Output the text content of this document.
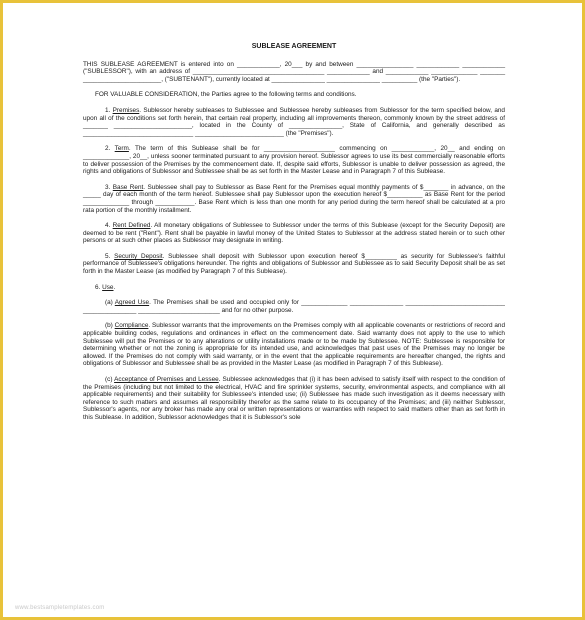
SUBLEASE AGREEMENT

THIS SUBLEASE AGREEMENT is entered into on ____________, 20___ by and between ________________ ____________ ____________ ("SUBLESSOR"), with an address of _____________________________________ ____________ and ____________ _____________ _______ ______________________, ("SUBTENANT"), currently located at _______________ _______________ __________ (the "Parties").

FOR VALUABLE CONSIDERATION, the Parties agree to the following terms and conditions.

1. Premises. Sublessor hereby subleases to Sublessee and Sublessee hereby subleases from Sublessor for the term specified below, and upon all of the conditions set forth herein, that certain real property, including all improvements thereon, commonly known by the street address of _______ ______________________, located in the County of _______________, State of California, and generally described as _______________________________ _________________________ (the "Premises").

2. Term. The term of this Sublease shall be for ____________________ commencing on ____________, 20__ and ending on _____________, 20__, unless sooner terminated pursuant to any provision hereof. Sublessor agrees to use its best commercially reasonable efforts to deliver possession of the Premises by the commencement date. If, despite said efforts, Sublessor is unable to deliver possession as agreed, the rights and obligations of Sublessor and Sublessee shall be as set forth in the Master Lease and in Paragraph 7 of this Sublease.

3. Base Rent. Sublessee shall pay to Sublessor as Base Rent for the Premises equal monthly payments of $_______ in advance, on the _____ day of each month of the term hereof. Sublessee shall pay Sublessor upon the execution hereof $__________ as Base Rent for the period _____________ through ___________. Base Rent which is less than one month for any period during the term hereof shall be calculated at a pro rata portion of the monthly installment.

4. Rent Defined. All monetary obligations of Sublessee to Sublessor under the terms of this Sublease (except for the Security Deposit) are deemed to be rent ("Rent"). Rent shall be payable in lawful money of the United States to Sublessor at the address stated herein or to such other persons or at such other places as Sublessor may designate in writing.

5. Security Deposit. Sublessee shall deposit with Sublessor upon execution hereof $_________ as security for Sublessee's faithful performance of Sublessee's obligations hereunder. The rights and obligations of Sublessor and Sublessee as to said Security Deposit shall be as set forth in the Master Lease (as modified by Paragraph 7 of this Sublease).

6. Use.

(a) Agreed Use. The Premises shall be used and occupied only for _____________ _______________ ____________________________ _______________ _______________________ and for no other purpose.

(b) Compliance. Sublessor warrants that the improvements on the Premises comply with all applicable covenants or restrictions of record and applicable building codes, regulations and ordinances in effect on the commencement date. Said warranty does not apply to the use to which Sublessee will put the Premises or to any alterations or utility installations made or to be made by Sublessee. NOTE: Sublessee is responsible for determining whether or not the zoning is appropriate for its intended use, and acknowledges that past uses of the Premises may no longer be allowed. If the Premises do not comply with said warranty, or in the event that the applicable requirements are hereafter changed, the rights and obligations of Sublessor and Sublessee shall be as provided in the Master Lease (as modified in Paragraph 7 of this Sublease).

(c) Acceptance of Premises and Lessee. Sublessee acknowledges that (i) it has been advised to satisfy itself with respect to the condition of the Premises (including but not limited to the electrical, HVAC and fire sprinkler systems, security, environmental aspects, and compliance with all applicable requirements) and their suitability for Sublessee's intended use; (ii) Sublessee has made such investigation as it deems necessary with reference to such matters and assumes all responsibility therefor as the same relate to its occupancy of the Premises; and (iii) neither Sublessor, Sublessor's agents, nor any broker has made any oral or written representations or warranties with respect to said matters other than as set forth in this Sublease. In addition, Sublessor acknowledges that it is Sublessor's sole

www.bestsampletemplates.com
